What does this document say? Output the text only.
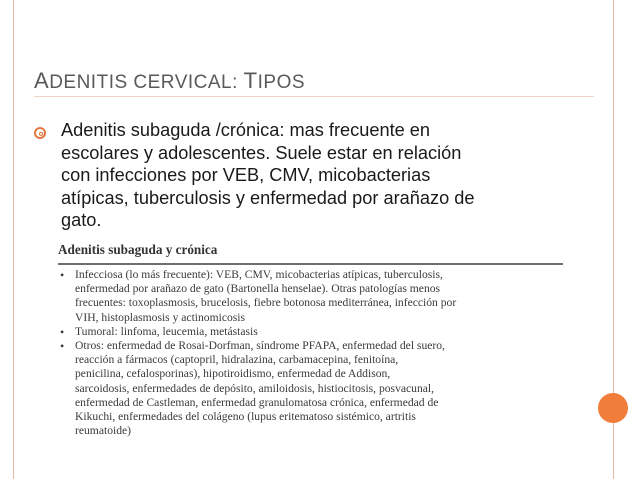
ADENITIS CERVICAL: TIPOS
Adenitis subaguda /crónica: mas frecuente en
escolares y adolescentes. Suele estar en relación
con infecciones por VEB, CMV, micobacterias
atípicas, tuberculosis y enfermedad por arañazo de
gato.
Adenitis subaguda y crónica
• Infecciosa (lo más frecuente): VEB, CMV, micobacterias atípicas, tuberculosis,
enfermedad por arañazo de gato (Bartonella henselae). Otras patologías menos
frecuentes: toxoplasmosis, brucelosis, fiebre botonosa mediterránea, infección por
VIH, histoplasmosis y actinomicosis
• Tumoral: linfoma, leucemia, metástasis
• Otros: enfermedad de Rosai-Dorfman, síndrome PFAPA, enfermedad del suero,
reacción a fármacos (captopril, hidralazina, carbamacepina, fenitoína,
penicilina, cefalosporinas), hipotiroidismo, enfermedad de Addison,
sarcoidosis, enfermedades de depósito, amiloidosis, histiocitosis, posvacunal,
enfermedad de Castleman, enfermedad granulomatosa crónica, enfermedad de
Kikuchi, enfermedades del colágeno (lupus eritematoso sistémico, artritis
reumatoide)
